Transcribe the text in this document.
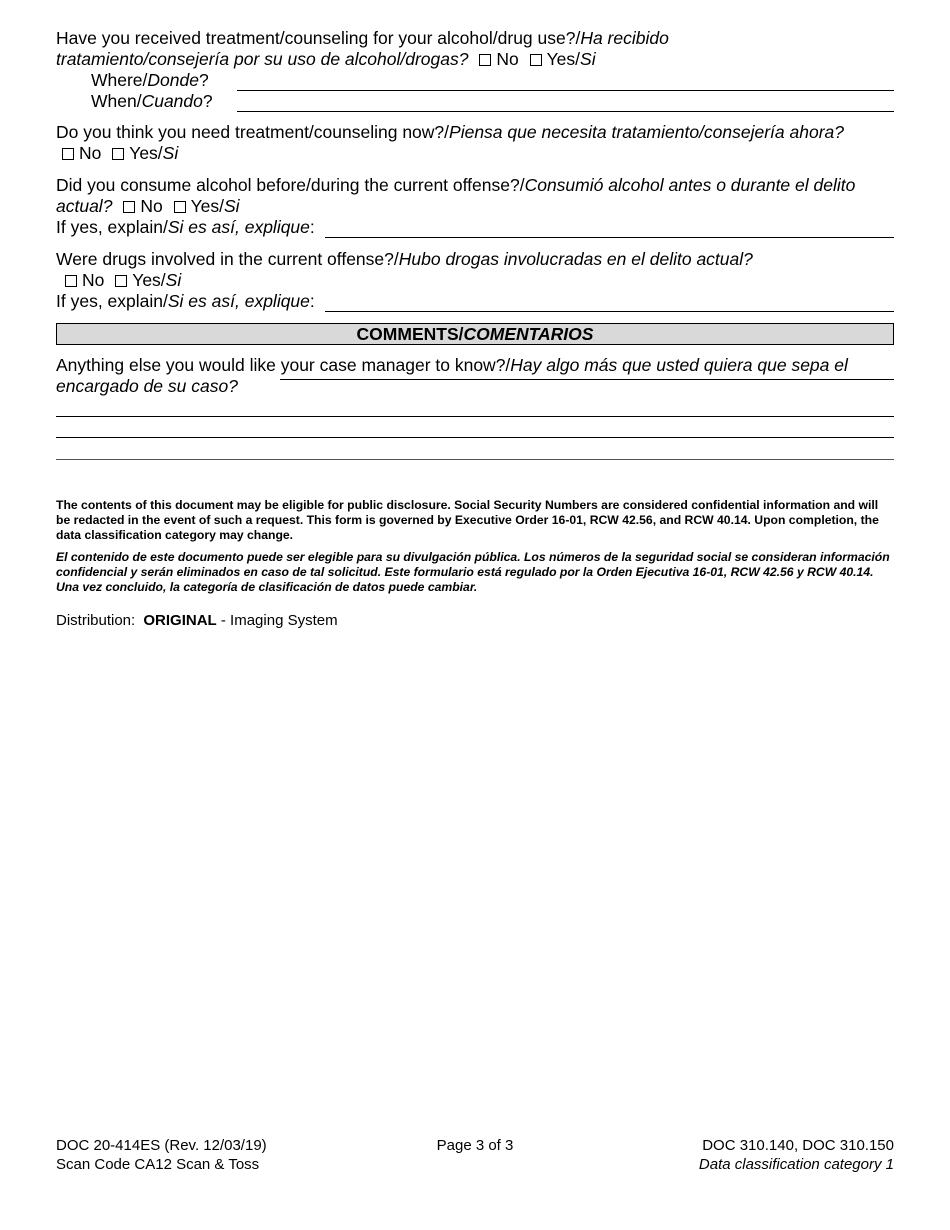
Have you received treatment/counseling for your alcohol/drug use?/Ha recibido tratamiento/consejería por su uso de alcohol/drogas? No Yes/Si
Where/Donde?
When/Cuando?
Do you think you need treatment/counseling now?/Piensa que necesita tratamiento/consejería ahora? No Yes/Si
Did you consume alcohol before/during the current offense?/Consumió alcohol antes o durante el delito actual? No Yes/Si
If yes, explain/Si es así, explique:
Were drugs involved in the current offense?/Hubo drogas involucradas en el delito actual?
No Yes/Si
If yes, explain/Si es así, explique:
COMMENTS/COMENTARIOS
Anything else you would like your case manager to know?/Hay algo más que usted quiera que sepa el encargado de su caso?
The contents of this document may be eligible for public disclosure. Social Security Numbers are considered confidential information and will be redacted in the event of such a request. This form is governed by Executive Order 16-01, RCW 42.56, and RCW 40.14. Upon completion, the data classification category may change.
El contenido de este documento puede ser elegible para su divulgación pública. Los números de la seguridad social se consideran información confidencial y serán eliminados en caso de tal solicitud. Este formulario está regulado por la Orden Ejecutiva 16-01, RCW 42.56 y RCW 40.14. Una vez concluido, la categoría de clasificación de datos puede cambiar.
Distribution: ORIGINAL - Imaging System
DOC 20-414ES (Rev. 12/03/19)
Scan Code CA12 Scan & Toss
Page 3 of 3	DOC 310.140, DOC 310.150
Data classification category 1
